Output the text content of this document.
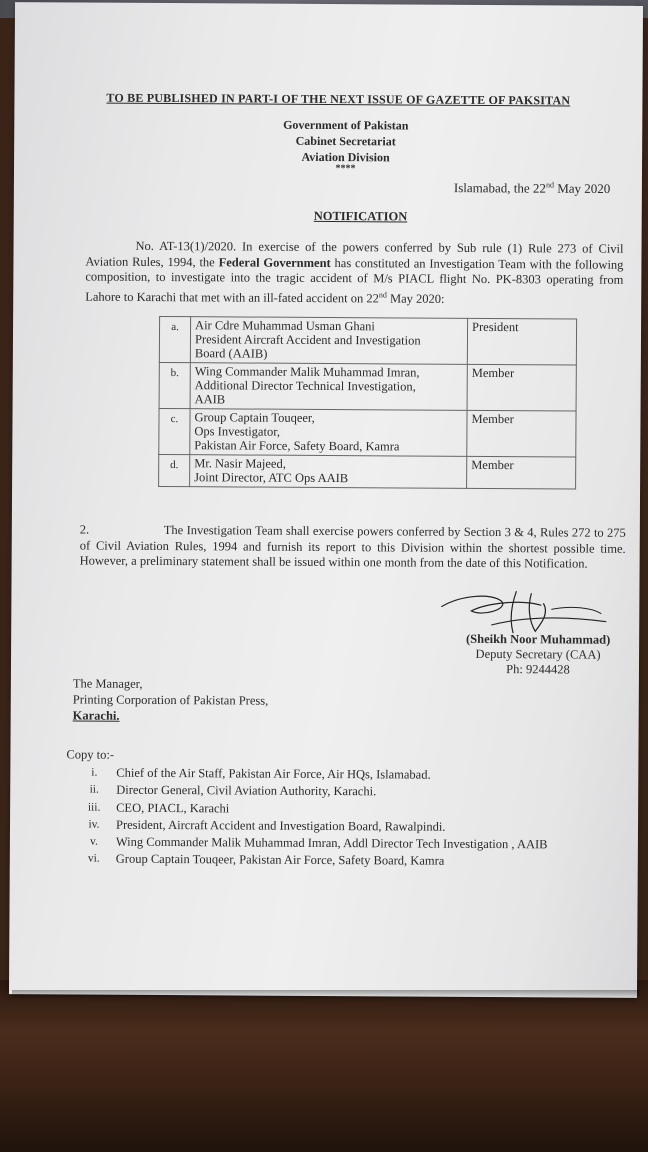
TO BE PUBLISHED IN PART-I OF THE NEXT ISSUE OF GAZETTE OF PAKSITAN
Government of Pakistan
Cabinet Secretariat
Aviation Division
****
Islamabad, the 22nd May 2020
NOTIFICATION
No. AT-13(1)/2020. In exercise of the powers conferred by Sub rule (1) Rule 273 of Civil Aviation Rules, 1994, the Federal Government has constituted an Investigation Team with the following composition, to investigate into the tragic accident of M/s PIACL flight No. PK-8303 operating from Lahore to Karachi that met with an ill-fated accident on 22nd May 2020:
a.	Air Cdre Muhammad Usman Ghani
President Aircraft Accident and Investigation
Board (AAIB)	President
b.	Wing Commander Malik Muhammad Imran,
Additional Director Technical Investigation,
AAIB	Member
c.	Group Captain Touqeer,
Ops Investigator,
Pakistan Air Force, Safety Board, Kamra	Member
d.	Mr. Nasir Majeed,
Joint Director, ATC Ops AAIB	Member
2.	The Investigation Team shall exercise powers conferred by Section 3 & 4, Rules 272 to 275 of Civil Aviation Rules, 1994 and furnish its report to this Division within the shortest possible time. However, a preliminary statement shall be issued within one month from the date of this Notification.
(Sheikh Noor Muhammad)
Deputy Secretary (CAA)
Ph: 9244428
The Manager,
Printing Corporation of Pakistan Press,
Karachi.
Copy to:-
i.	Chief of the Air Staff, Pakistan Air Force, Air HQs, Islamabad.
ii.	Director General, Civil Aviation Authority, Karachi.
iii.	CEO, PIACL, Karachi
iv.	President, Aircraft Accident and Investigation Board, Rawalpindi.
v.	Wing Commander Malik Muhammad Imran, Addl Director Tech Investigation , AAIB
vi.	Group Captain Touqeer, Pakistan Air Force, Safety Board, Kamra
